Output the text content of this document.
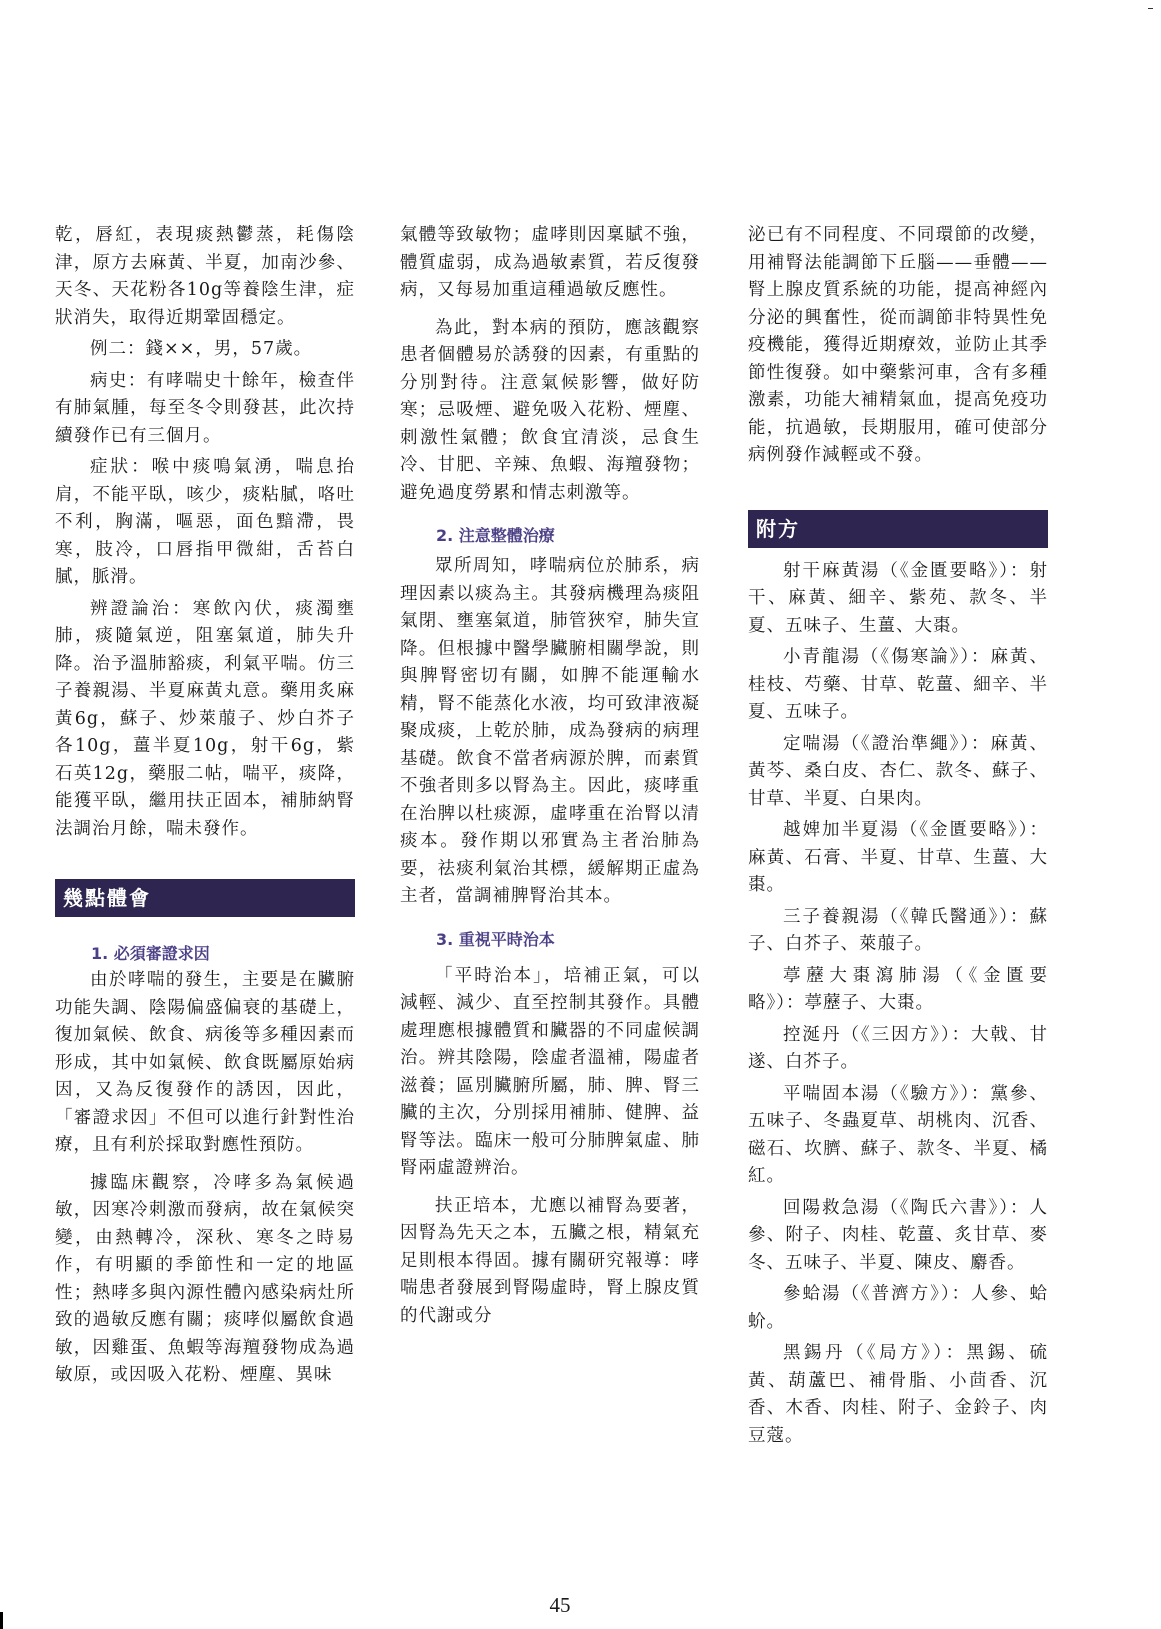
乾，唇紅，表現痰熱鬱蒸，耗傷陰津，原方去麻黃、半夏，加南沙參、天冬、天花粉各10g等養陰生津，症狀消失，取得近期鞏固穩定。

例二：錢××，男，57歲。

病史：有哮喘史十餘年，檢查伴有肺氣腫，每至冬令則發甚，此次持續發作已有三個月。

症狀：喉中痰鳴氣湧，喘息抬肩，不能平臥，咳少，痰粘膩，咯吐不利，胸滿，嘔惡，面色黯滯，畏寒，肢冷，口唇指甲微紺，舌苔白膩，脈滑。

辨證論治：寒飲內伏，痰濁壅肺，痰隨氣逆，阻塞氣道，肺失升降。治予溫肺豁痰，利氣平喘。仿三子養親湯、半夏麻黃丸意。藥用炙麻黃6g，蘇子、炒萊菔子、炒白芥子各10g，薑半夏10g，射干6g，紫石英12g，藥服二帖，喘平，痰降，能獲平臥，繼用扶正固本，補肺納腎法調治月餘，喘未發作。

幾點體會
1. 必須審證求因

由於哮喘的發生，主要是在臟腑功能失調、陰陽偏盛偏衰的基礎上，復加氣候、飲食、病後等多種因素而形成，其中如氣候、飲食既屬原始病因，又為反復發作的誘因，因此，「審證求因」不但可以進行針對性治療，且有利於採取對應性預防。

據臨床觀察，冷哮多為氣候過敏，因寒冷刺激而發病，故在氣候突變，由熱轉冷，深秋、寒冬之時易作，有明顯的季節性和一定的地區性；熱哮多與內源性體內感染病灶所致的過敏反應有關；痰哮似屬飲食過敏，因雞蛋、魚蝦等海羶發物成為過敏原，或因吸入花粉、煙塵、異味

氣體等致敏物；虛哮則因稟賦不強，體質虛弱，成為過敏素質，若反復發病，又每易加重這種過敏反應性。

為此，對本病的預防，應該觀察患者個體易於誘發的因素，有重點的分別對待。注意氣候影響，做好防寒；忌吸煙、避免吸入花粉、煙塵、刺激性氣體；飲食宜清淡，忌食生冷、甘肥、辛辣、魚蝦、海羶發物；避免過度勞累和情志刺激等。

2. 注意整體治療

眾所周知，哮喘病位於肺系，病理因素以痰為主。其發病機理為痰阻氣閉、壅塞氣道，肺管狹窄，肺失宣降。但根據中醫學臟腑相關學說，則與脾腎密切有關，如脾不能運輸水精，腎不能蒸化水液，均可致津液凝聚成痰，上乾於肺，成為發病的病理基礎。飲食不當者病源於脾，而素質不強者則多以腎為主。因此，痰哮重在治脾以杜痰源，虛哮重在治腎以清痰本。發作期以邪實為主者治肺為要，祛痰利氣治其標，緩解期正虛為主者，當調補脾腎治其本。

3. 重視平時治本

「平時治本」，培補正氣，可以減輕、減少、直至控制其發作。具體處理應根據體質和臟器的不同虛候調治。辨其陰陽，陰虛者溫補，陽虛者滋養；區別臟腑所屬，肺、脾、腎三臟的主次，分別採用補肺、健脾、益腎等法。臨床一般可分肺脾氣虛、肺腎兩虛證辨治。

扶正培本，尤應以補腎為要著，因腎為先天之本，五臟之根，精氣充足則根本得固。據有關研究報導：哮喘患者發展到腎陽虛時，腎上腺皮質的代謝或分

泌已有不同程度、不同環節的改變，用補腎法能調節下丘腦——垂體——腎上腺皮質系統的功能，提高神經內分泌的興奮性，從而調節非特異性免疫機能，獲得近期療效，並防止其季節性復發。如中藥紫河車，含有多種激素，功能大補精氣血，提高免疫功能，抗過敏，長期服用，確可使部分病例發作減輕或不發。

附方

射干麻黃湯（《金匱要略》）：射干、麻黃、細辛、紫苑、款冬、半夏、五味子、生薑、大棗。

小青龍湯（《傷寒論》）：麻黃、桂枝、芍藥、甘草、乾薑、細辛、半夏、五味子。

定喘湯（《證治準繩》）：麻黃、黃芩、桑白皮、杏仁、款冬、蘇子、甘草、半夏、白果肉。

越婢加半夏湯（《金匱要略》）：麻黃、石膏、半夏、甘草、生薑、大棗。

三子養親湯（《韓氏醫通》）：蘇子、白芥子、萊菔子。

葶藶大棗瀉肺湯（《金匱要略》）：葶藶子、大棗。

控涎丹（《三因方》）：大戟、甘遂、白芥子。

平喘固本湯（《驗方》）：黨參、五味子、冬蟲夏草、胡桃肉、沉香、磁石、坎臍、蘇子、款冬、半夏、橘紅。

回陽救急湯（《陶氏六書》）：人參、附子、肉桂、乾薑、炙甘草、麥冬、五味子、半夏、陳皮、麝香。

參蛤湯（《普濟方》）：人參、蛤蚧。

黑錫丹（《局方》）：黑錫、硫黃、葫蘆巴、補骨脂、小茴香、沉香、木香、肉桂、附子、金鈴子、肉豆蔻。

45
